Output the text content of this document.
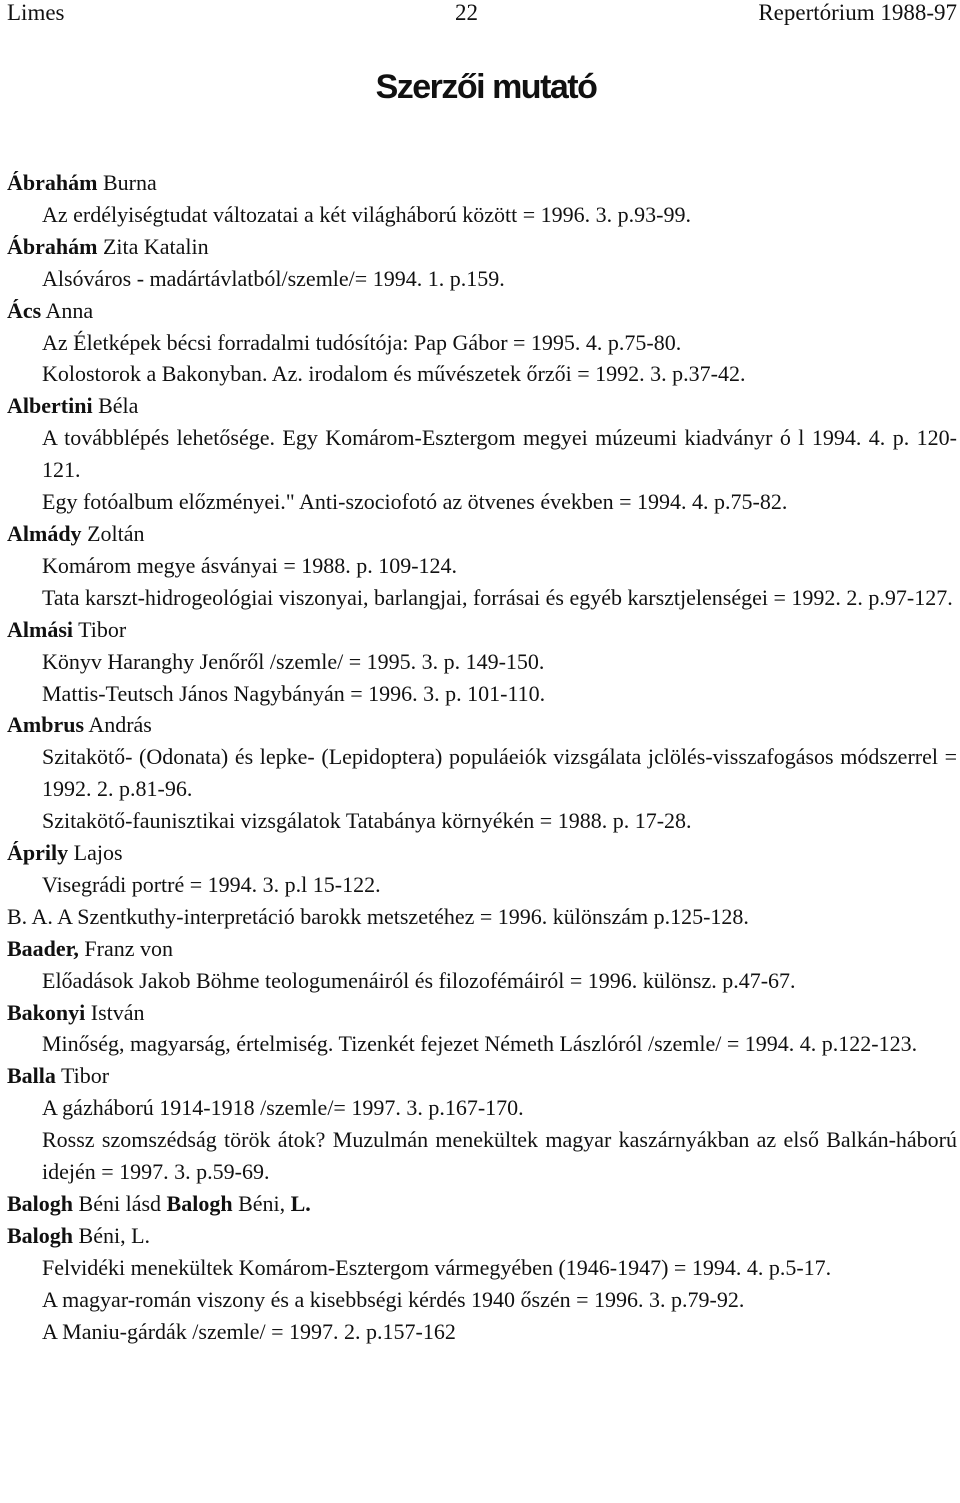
Limes	22	Repertórium 1988-97
Szerzői mutató

Ábrahám Burna

Az erdélyiségtudat változatai a két világháború között = 1996. 3. p.93-99.

Ábrahám Zita Katalin

Alsóváros - madártávlatból/szemle/= 1994. 1. p.159.

Ács Anna

Az Életképek bécsi forradalmi tudósítója: Pap Gábor = 1995. 4. p.75-80.

Kolostorok a Bakonyban. Az. irodalom és művészetek őrzői = 1992. 3. p.37-42.

Albertini Béla

A továbblépés lehetősége. Egy Komárom-Esztergom megyei múzeumi kiadványr ó l 1994. 4. p. 120-121.

Egy fotóalbum előzményei." Anti-szociofotó az ötvenes években = 1994. 4. p.75-82.

Almády Zoltán

Komárom megye ásványai = 1988. p. 109-124.

Tata karszt-hidrogeológiai viszonyai, barlangjai, forrásai és egyéb karsztjelenségei = 1992. 2. p.97-127.

Almási Tibor

Könyv Haranghy Jenőről /szemle/ = 1995. 3. p. 149-150.

Mattis-Teutsch János Nagybányán = 1996. 3. p. 101-110.

Ambrus András

Szitakötő- (Odonata) és lepke- (Lepidoptera) populáeiók vizsgálata jclölés-visszafogásos módszerrel = 1992. 2. p.81-96.

Szitakötő-faunisztikai vizsgálatok Tatabánya környékén = 1988. p. 17-28.

Áprily Lajos

Visegrádi portré = 1994. 3. p.l 15-122.

B. A. A Szentkuthy-interpretáció barokk metszetéhez = 1996. különszám p.125-128.

Baader, Franz von

Előadások Jakob Böhme teologumenáiról és filozofémáiról = 1996. különsz. p.47-67.

Bakonyi István

Minőség, magyarság, értelmiség. Tizenkét fejezet Németh Lászlóról /szemle/ = 1994. 4. p.122-123.

Balla Tibor

A gázháború 1914-1918 /szemle/= 1997. 3. p.167-170.

Rossz szomszédság török átok? Muzulmán menekültek magyar kaszárnyákban az első Balkán-háború idején = 1997. 3. p.59-69.

Balogh Béni lásd Balogh Béni, L.

Balogh Béni, L.

Felvidéki menekültek Komárom-Esztergom vármegyében (1946-1947) = 1994. 4. p.5-17.

A magyar-román viszony és a kisebbségi kérdés 1940 őszén = 1996. 3. p.79-92.

A Maniu-gárdák /szemle/ = 1997. 2. p.157-162
